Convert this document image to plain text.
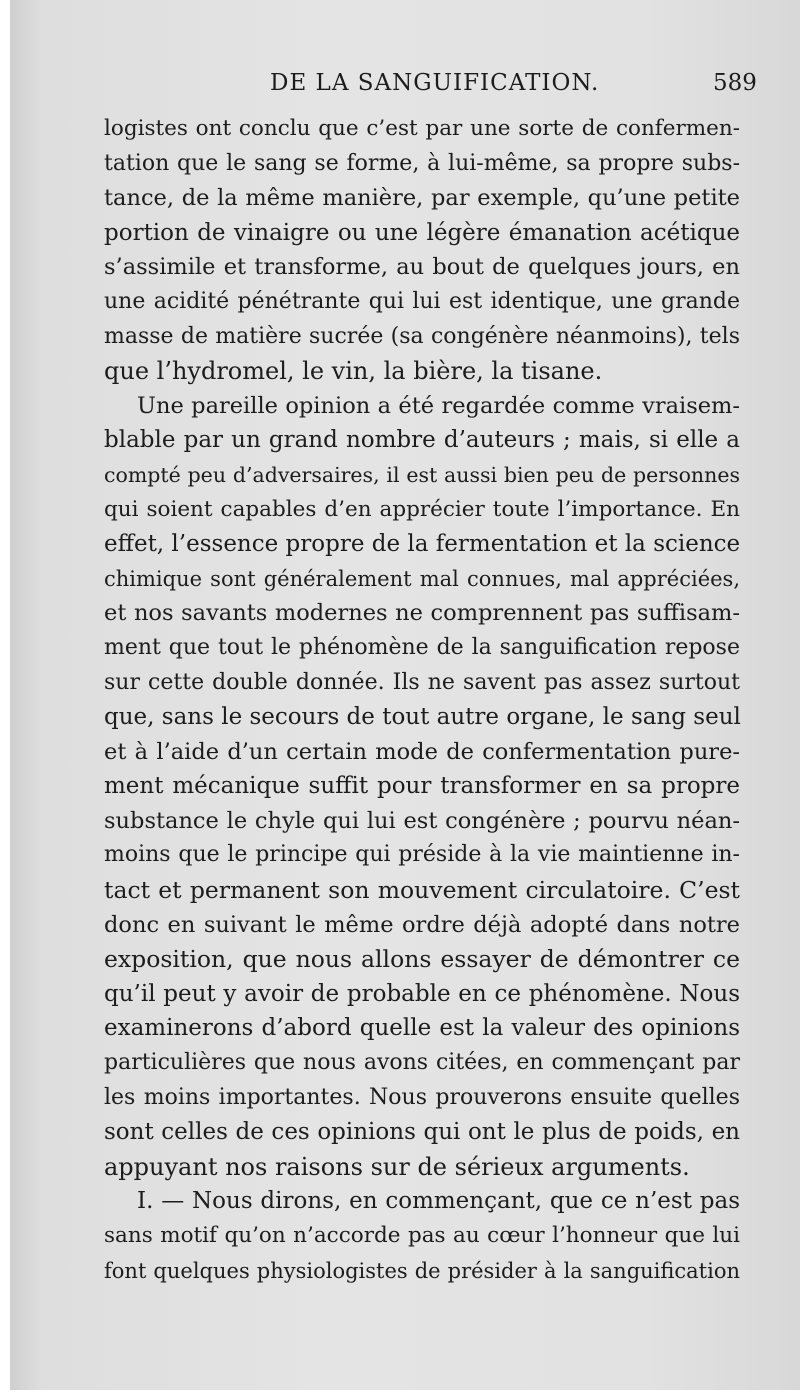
DE LA SANGUIFICATION.	589
logistes ont conclu que c’est par une sorte de confermen-
tation que le sang se forme, à lui-même, sa propre subs-
tance, de la même manière, par exemple, qu’une petite
portion de vinaigre ou une légère émanation acétique
s’assimile et transforme, au bout de quelques jours, en
une acidité pénétrante qui lui est identique, une grande
masse de matière sucrée (sa congénère néanmoins), tels
que l’hydromel, le vin, la bière, la tisane.
Une pareille opinion a été regardée comme vraisem-
blable par un grand nombre d’auteurs ; mais, si elle a
compté peu d’adversaires, il est aussi bien peu de personnes
qui soient capables d’en apprécier toute l’importance. En
effet, l’essence propre de la fermentation et la science
chimique sont généralement mal connues, mal appréciées,
et nos savants modernes ne comprennent pas suffisam-
ment que tout le phénomène de la sanguification repose
sur cette double donnée. Ils ne savent pas assez surtout
que, sans le secours de tout autre organe, le sang seul
et à l’aide d’un certain mode de confermentation pure-
ment mécanique suffit pour transformer en sa propre
substance le chyle qui lui est congénère ; pourvu néan-
moins que le principe qui préside à la vie maintienne in-
tact et permanent son mouvement circulatoire. C’est
donc en suivant le même ordre déjà adopté dans notre
exposition, que nous allons essayer de démontrer ce
qu’il peut y avoir de probable en ce phénomène. Nous
examinerons d’abord quelle est la valeur des opinions
particulières que nous avons citées, en commençant par
les moins importantes. Nous prouverons ensuite quelles
sont celles de ces opinions qui ont le plus de poids, en
appuyant nos raisons sur de sérieux arguments.
I. — Nous dirons, en commençant, que ce n’est pas
sans motif qu’on n’accorde pas au cœur l’honneur que lui
font quelques physiologistes de présider à la sanguification
